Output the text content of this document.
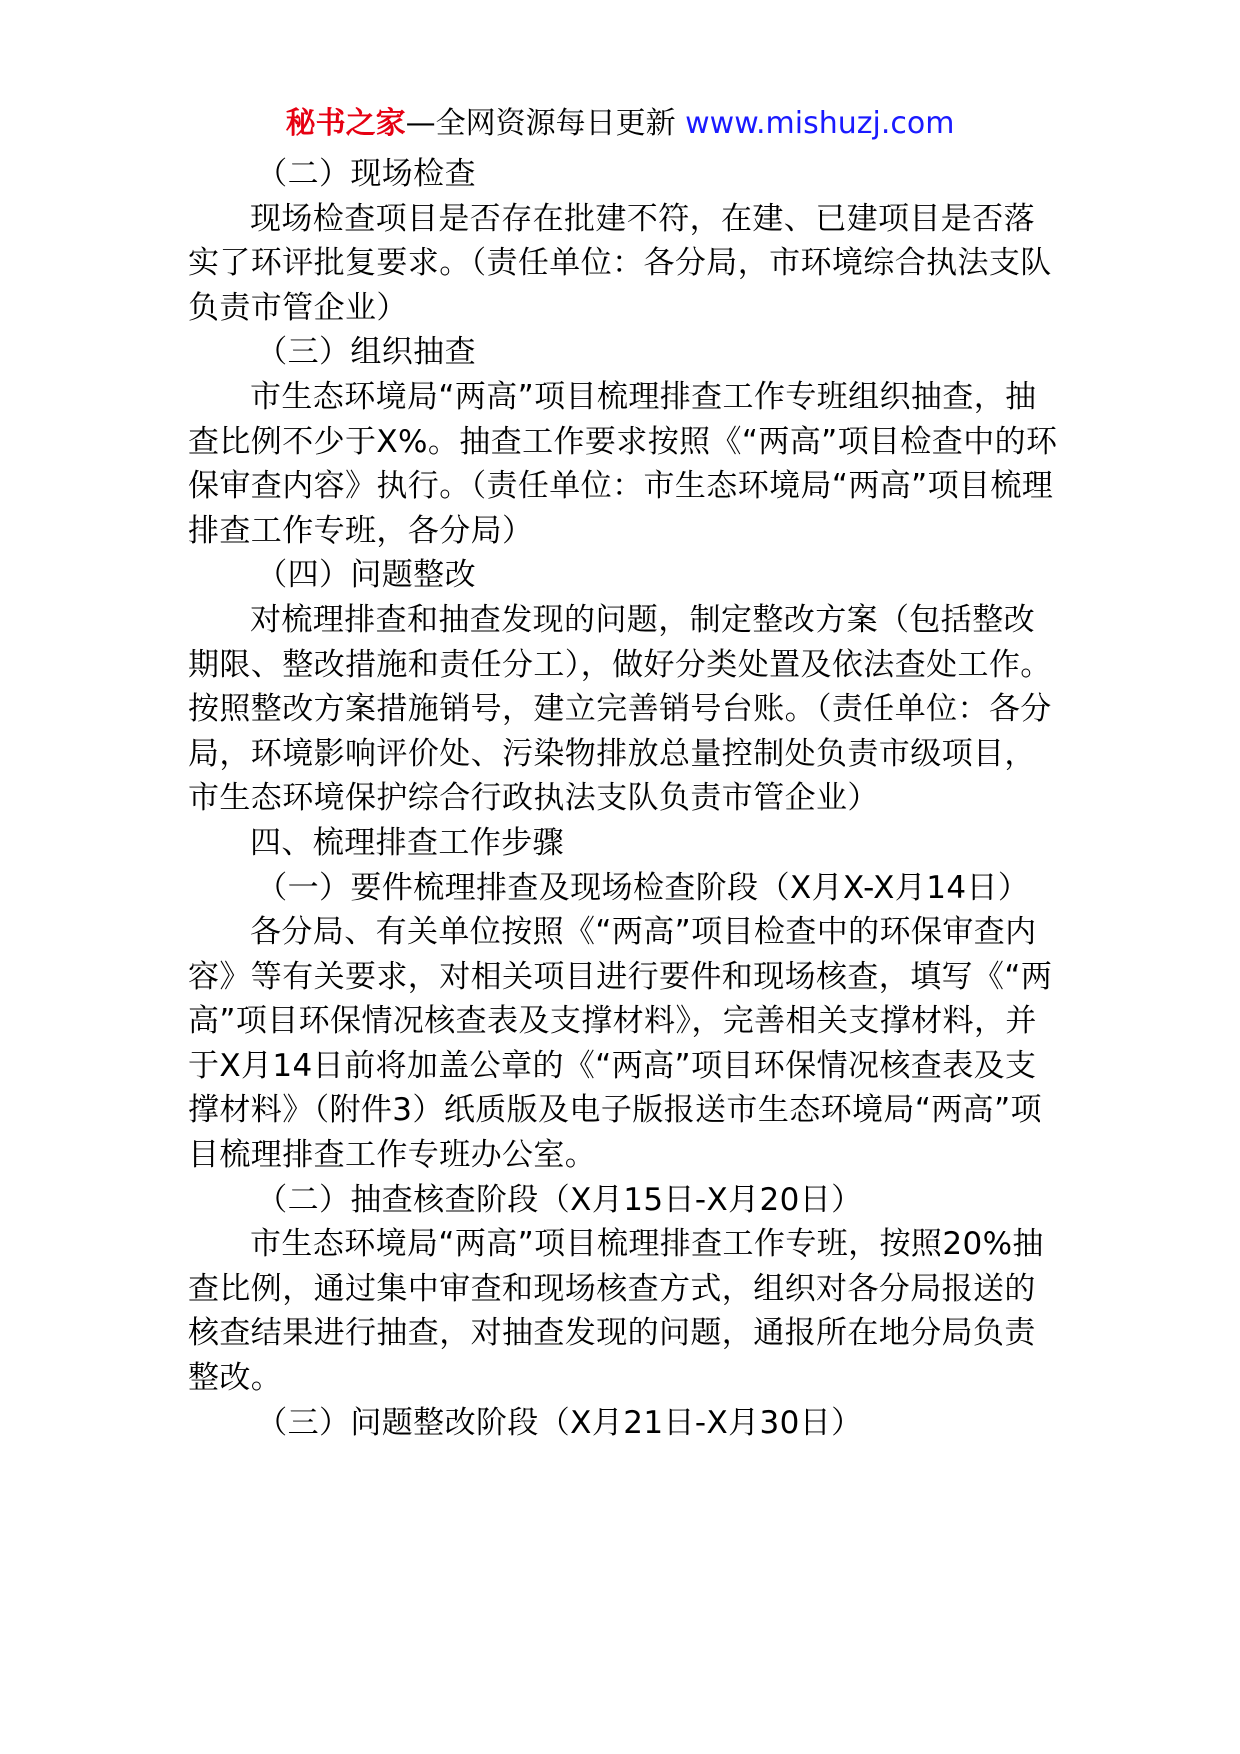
秘书之家—全网资源每日更新 www.mishuzj.com

（二）现场检查

现场检查项目是否存在批建不符，在建、已建项目是否落实了环评批复要求。（责任单位：各分局，市环境综合执法支队负责市管企业）

（三）组织抽查

市生态环境局“两高”项目梳理排查工作专班组织抽查，抽查比例不少于X%。抽查工作要求按照《“两高”项目检查中的环保审查内容》执行。（责任单位：市生态环境局“两高”项目梳理排查工作专班，各分局）

（四）问题整改

对梳理排查和抽查发现的问题，制定整改方案（包括整改期限、整改措施和责任分工），做好分类处置及依法查处工作。按照整改方案措施销号，建立完善销号台账。（责任单位：各分局，环境影响评价处、污染物排放总量控制处负责市级项目，市生态环境保护综合行政执法支队负责市管企业）

四、梳理排查工作步骤

（一）要件梳理排查及现场检查阶段（X月X-X月14日）

各分局、有关单位按照《“两高”项目检查中的环保审查内容》等有关要求，对相关项目进行要件和现场核查，填写《“两高”项目环保情况核查表及支撑材料》，完善相关支撑材料，并于X月14日前将加盖公章的《“两高”项目环保情况核查表及支撑材料》（附件3）纸质版及电子版报送市生态环境局“两高”项目梳理排查工作专班办公室。

（二）抽查核查阶段（X月15日-X月20日）

市生态环境局“两高”项目梳理排查工作专班，按照20%抽查比例，通过集中审查和现场核查方式，组织对各分局报送的核查结果进行抽查，对抽查发现的问题，通报所在地分局负责整改。

（三）问题整改阶段（X月21日-X月30日）
